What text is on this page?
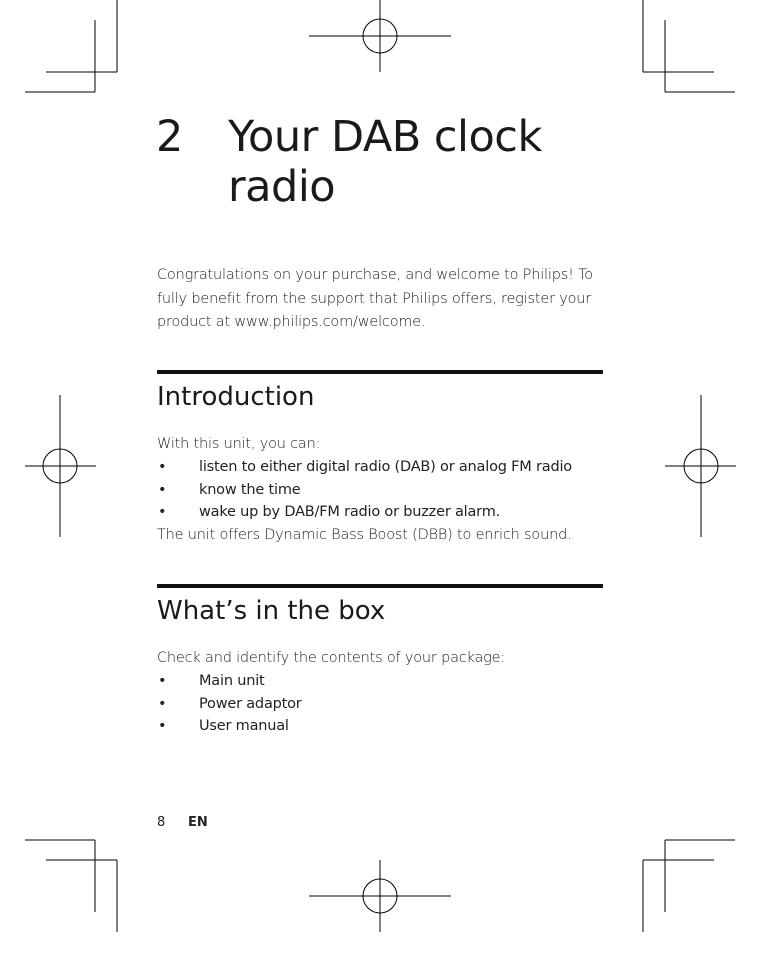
2 Your DAB clock radio

Congratulations on your purchase, and welcome to Philips! To fully benefit from the support that Philips offers, register your product at www.philips.com/welcome.

Introduction

With this unit, you can:

• listen to either digital radio (DAB) or analog FM radio
• know the time
• wake up by DAB/FM radio or buzzer alarm.

The unit offers Dynamic Bass Boost (DBB) to enrich sound.

What’s in the box

Check and identify the contents of your package:

• Main unit
• Power adaptor
• User manual
8 EN
